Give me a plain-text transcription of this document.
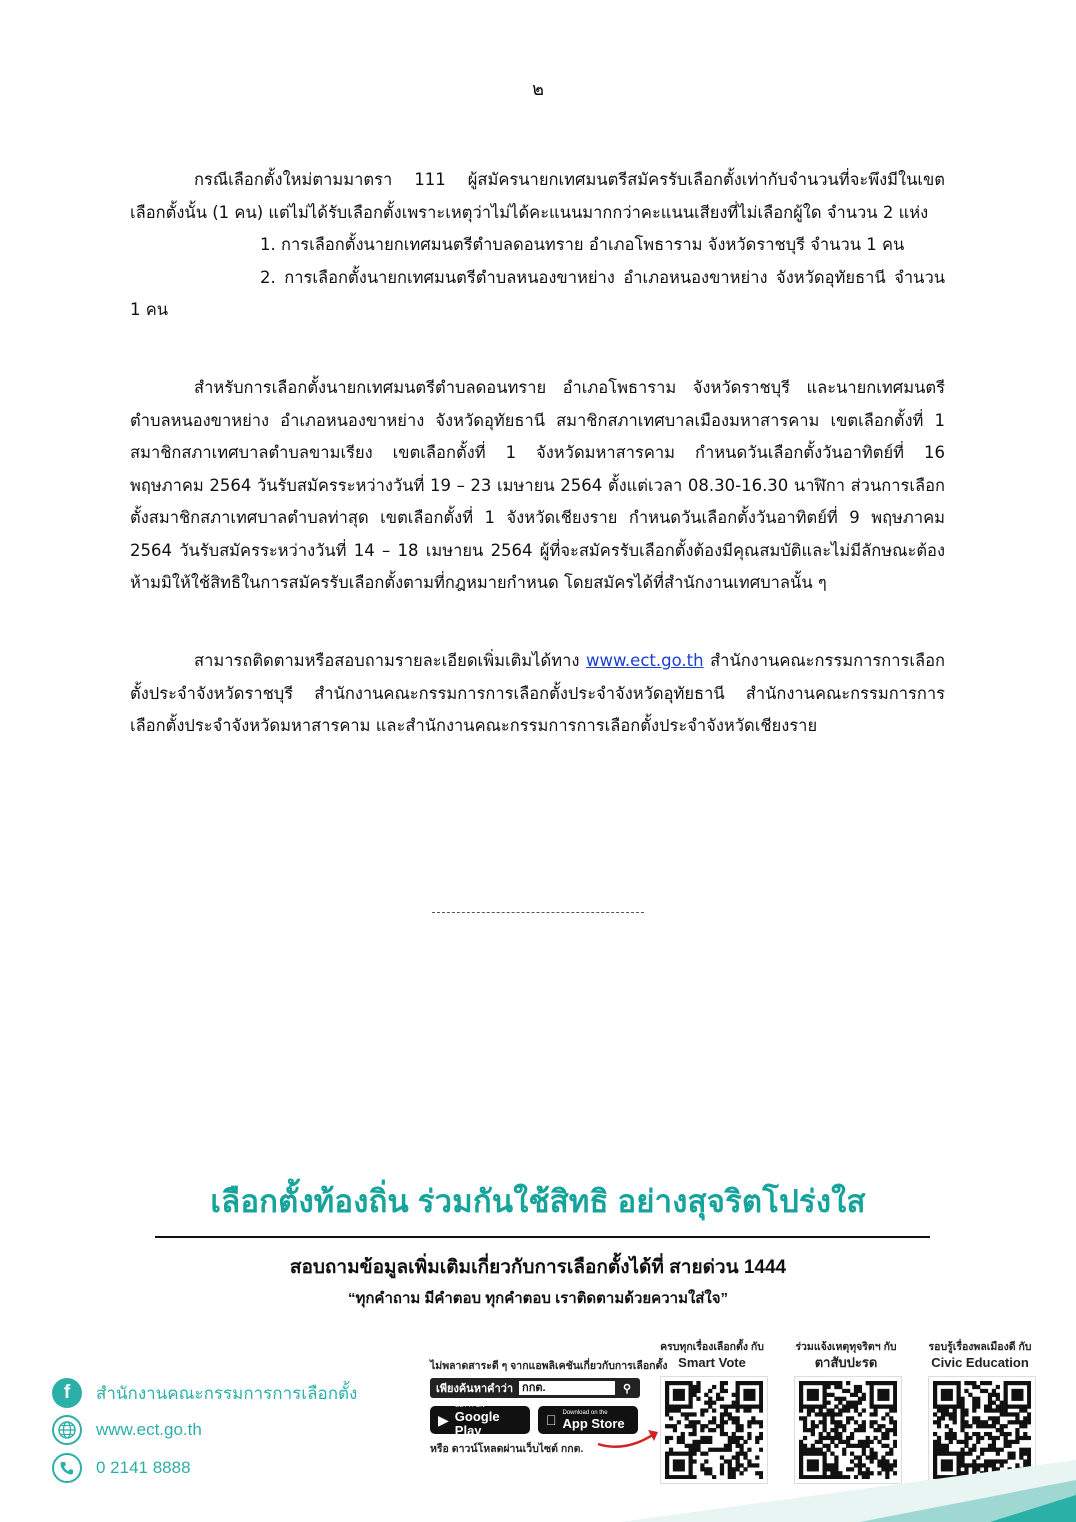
๒

กรณีเลือกตั้งใหม่ตามมาตรา 111 ผู้สมัครนายกเทศมนตรีสมัครรับเลือกตั้งเท่ากับจำนวนที่จะพึงมีในเขตเลือกตั้งนั้น (1 คน) แต่ไม่ได้รับเลือกตั้งเพราะเหตุว่าไม่ได้คะแนนมากกว่าคะแนนเสียงที่ไม่เลือกผู้ใด จำนวน 2 แห่ง

1. การเลือกตั้งนายกเทศมนตรีตำบลดอนทราย อำเภอโพธาราม จังหวัดราชบุรี จำนวน 1 คน

2. การเลือกตั้งนายกเทศมนตรีตำบลหนองขาหย่าง อำเภอหนองขาหย่าง จังหวัดอุทัยธานี จำนวน 1 คน

สำหรับการเลือกตั้งนายกเทศมนตรีตำบลดอนทราย อำเภอโพธาราม จังหวัดราชบุรี และนายกเทศมนตรีตำบลหนองขาหย่าง อำเภอหนองขาหย่าง จังหวัดอุทัยธานี สมาชิกสภาเทศบาลเมืองมหาสารคาม เขตเลือกตั้งที่ 1 สมาชิกสภาเทศบาลตำบลขามเรียง เขตเลือกตั้งที่ 1 จังหวัดมหาสารคาม กำหนดวันเลือกตั้งวันอาทิตย์ที่ 16 พฤษภาคม 2564 วันรับสมัครระหว่างวันที่ 19 – 23 เมษายน 2564 ตั้งแต่เวลา 08.30-16.30 นาฬิกา ส่วนการเลือกตั้งสมาชิกสภาเทศบาลตำบลท่าสุด เขตเลือกตั้งที่ 1 จังหวัดเชียงราย กำหนดวันเลือกตั้งวันอาทิตย์ที่ 9 พฤษภาคม 2564 วันรับสมัครระหว่างวันที่ 14 – 18 เมษายน 2564 ผู้ที่จะสมัครรับเลือกตั้งต้องมีคุณสมบัติและไม่มีลักษณะต้องห้ามมิให้ใช้สิทธิในการสมัครรับเลือกตั้งตามที่กฎหมายกำหนด โดยสมัครได้ที่สำนักงานเทศบาลนั้น ๆ

สามารถติดตามหรือสอบถามรายละเอียดเพิ่มเติมได้ทาง www.ect.go.th สำนักงานคณะกรรมการการเลือกตั้งประจำจังหวัดราชบุรี สำนักงานคณะกรรมการการเลือกตั้งประจำจังหวัดอุทัยธานี สำนักงานคณะกรรมการการเลือกตั้งประจำจังหวัดมหาสารคาม และสำนักงานคณะกรรมการการเลือกตั้งประจำจังหวัดเชียงราย

เลือกตั้งท้องถิ่น ร่วมกันใช้สิทธิ อย่างสุจริตโปร่งใส
สอบถามข้อมูลเพิ่มเติมเกี่ยวกับการเลือกตั้งได้ที่ สายด่วน 1444
“ทุกคำถาม มีคำตอบ ทุกคำตอบ เราติดตามด้วยความใส่ใจ”
f	สำนักงานคณะกรรมการการเลือกตั้ง
www.ect.go.th
0 2141 8888
ไม่พลาดสาระดี ๆ จากแอพลิเคชันเกี่ยวกับการเลือกตั้ง
เพียงค้นหาคำว่า กกต.	⚲
▶
GET IT ON
Google Play
Download on the
App Store
หรือ ดาวน์โหลดผ่านเว็บไซต์ กกต.
ครบทุกเรื่องเลือกตั้ง กับ
Smart Vote
ร่วมแจ้งเหตุทุจริตฯ กับ
ตาสับปะรด
รอบรู้เรื่องพลเมืองดี กับ
Civic Education
